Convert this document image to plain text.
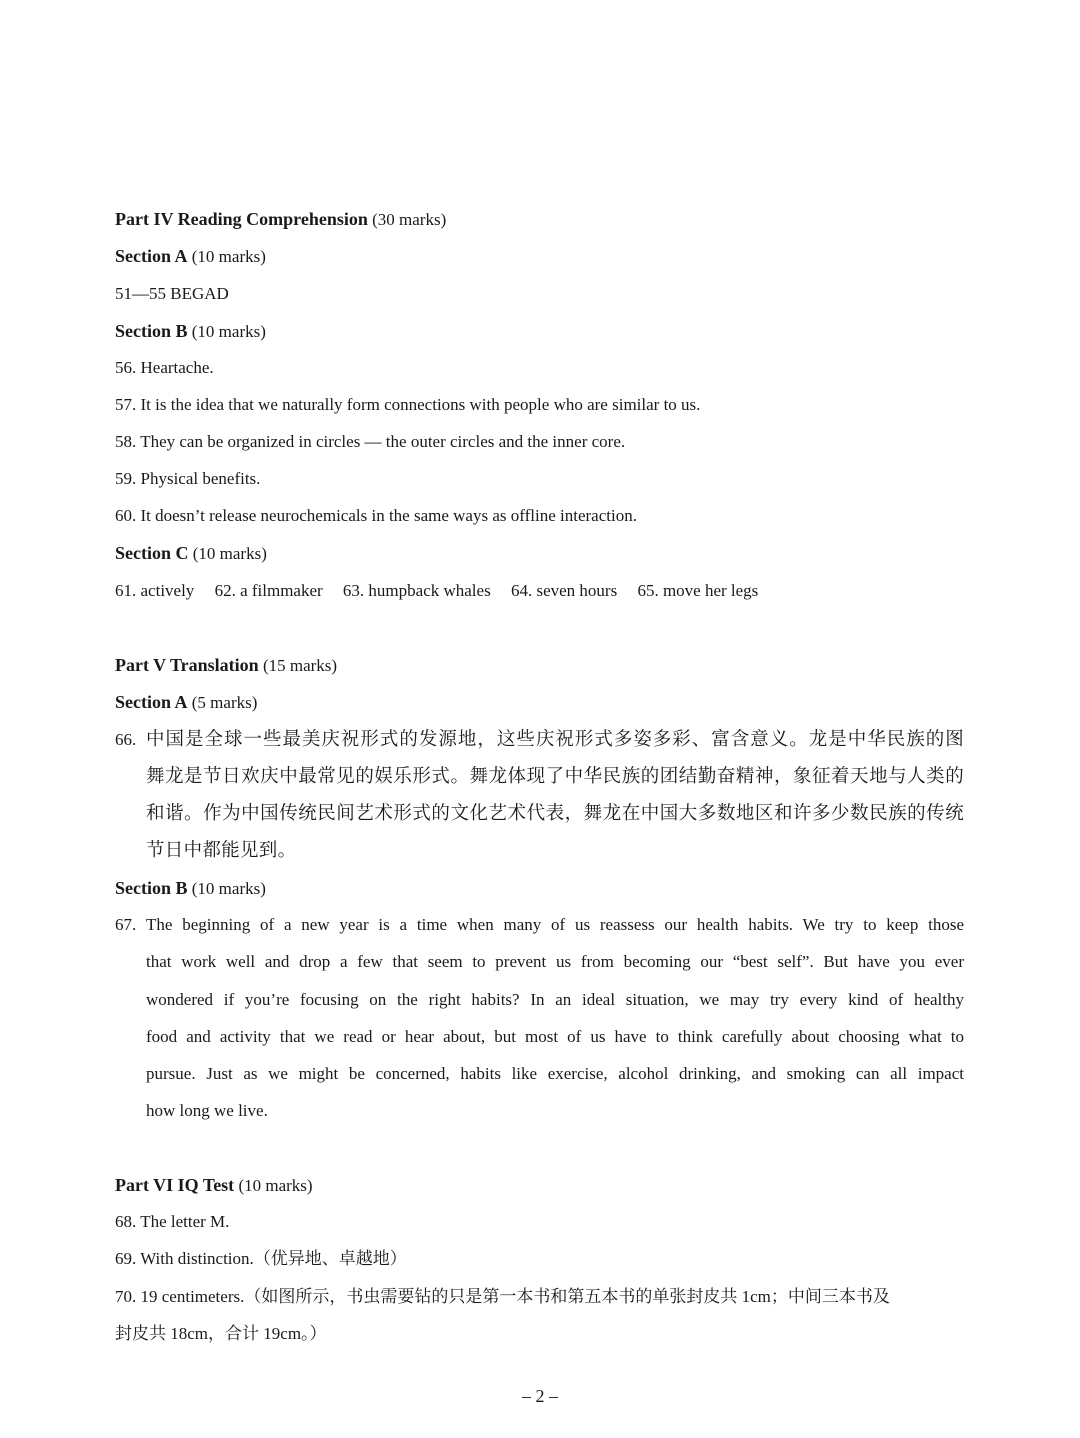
Part IV Reading Comprehension (30 marks)
Section A (10 marks)
51—55 BEGAD
Section B (10 marks)
56. Heartache.
57. It is the idea that we naturally form connections with people who are similar to us.
58. They can be organized in circles — the outer circles and the inner core.
59. Physical benefits.
60. It doesn’t release neurochemicals in the same ways as offline interaction.
Section C (10 marks)
61. actively 62. a filmmaker 63. humpback whales 64. seven hours 65. move her legs
Part V Translation (15 marks)
Section A (5 marks)
66. 中国是全球一些最美庆祝形式的发源地，这些庆祝形式多姿多彩、富含意义。龙是中华民族的图
舞龙是节日欢庆中最常见的娱乐形式。舞龙体现了中华民族的团结勤奋精神，象征着天地与人类的
和谐。作为中国传统民间艺术形式的文化艺术代表，舞龙在中国大多数地区和许多少数民族的传统
节日中都能见到。
Section B (10 marks)
67. The beginning of a new year is a time when many of us reassess our health habits. We try to keep those
that work well and drop a few that seem to prevent us from becoming our “best self”. But have you ever
wondered if you’re focusing on the right habits? In an ideal situation, we may try every kind of healthy
food and activity that we read or hear about, but most of us have to think carefully about choosing what to
pursue. Just as we might be concerned, habits like exercise, alcohol drinking, and smoking can all impact
how long we live.
Part VI IQ Test (10 marks)
68. The letter M.
69. With distinction.（优异地、卓越地）
70. 19 centimeters.（如图所示，书虫需要钻的只是第一本书和第五本书的单张封皮共 1cm；中间三本书及
封皮共 18cm，合计 19cm。）
– 2 –
